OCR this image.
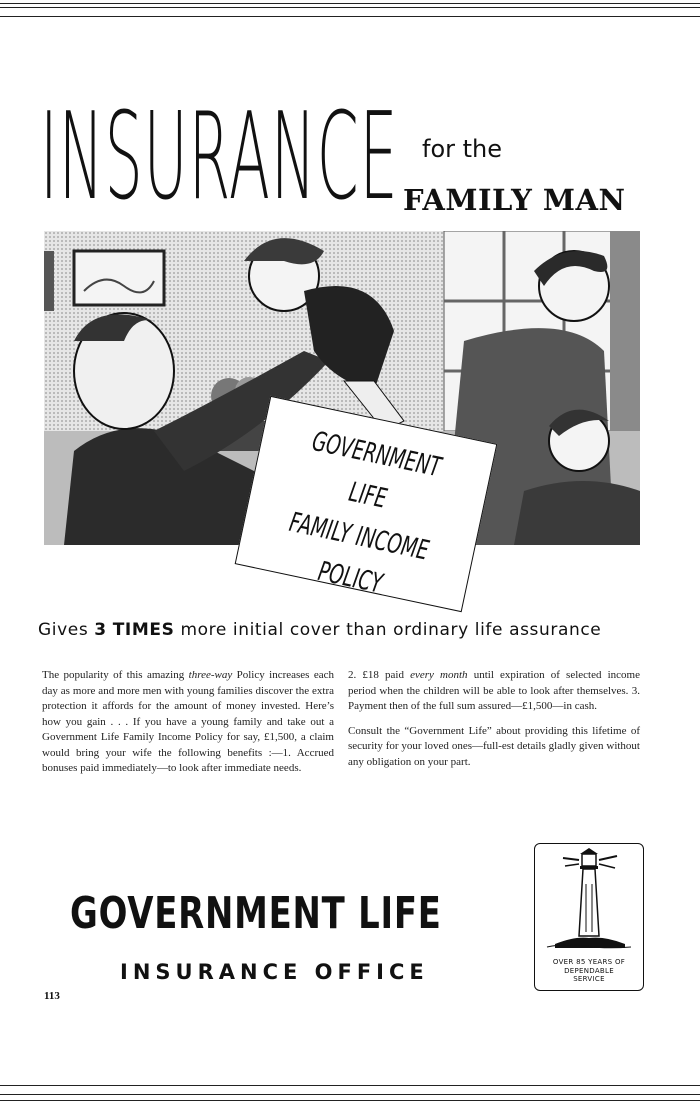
INSURANCE for the
FAMILY MAN
GOVERNMENT LIFE
FAMILY INCOME
POLICY
Gives 3 TIMES more initial cover than ordinary life assurance

The popularity of this amazing three-way Policy increases each day as more and more men with young families discover the extra protection it affords for the amount of money invested. Here’s how you gain . . . If you have a young family and take out a Government Life Family Income Policy for say, £1,500, a claim would bring your wife the following benefits :—1. Accrued bonuses paid immediately—to look after immediate needs.

2. £18 paid every month until expiration of selected income period when the children will be able to look after themselves. 3. Payment then of the full sum assured—£1,500—in cash.

Consult the “Government Life” about providing this lifetime of security for your loved ones—full-est details gladly given without any obligation on your part.

GOVERNMENT LIFE
INSURANCE OFFICE
113
OVER 85 YEARS OF
DEPENDABLE
SERVICE
